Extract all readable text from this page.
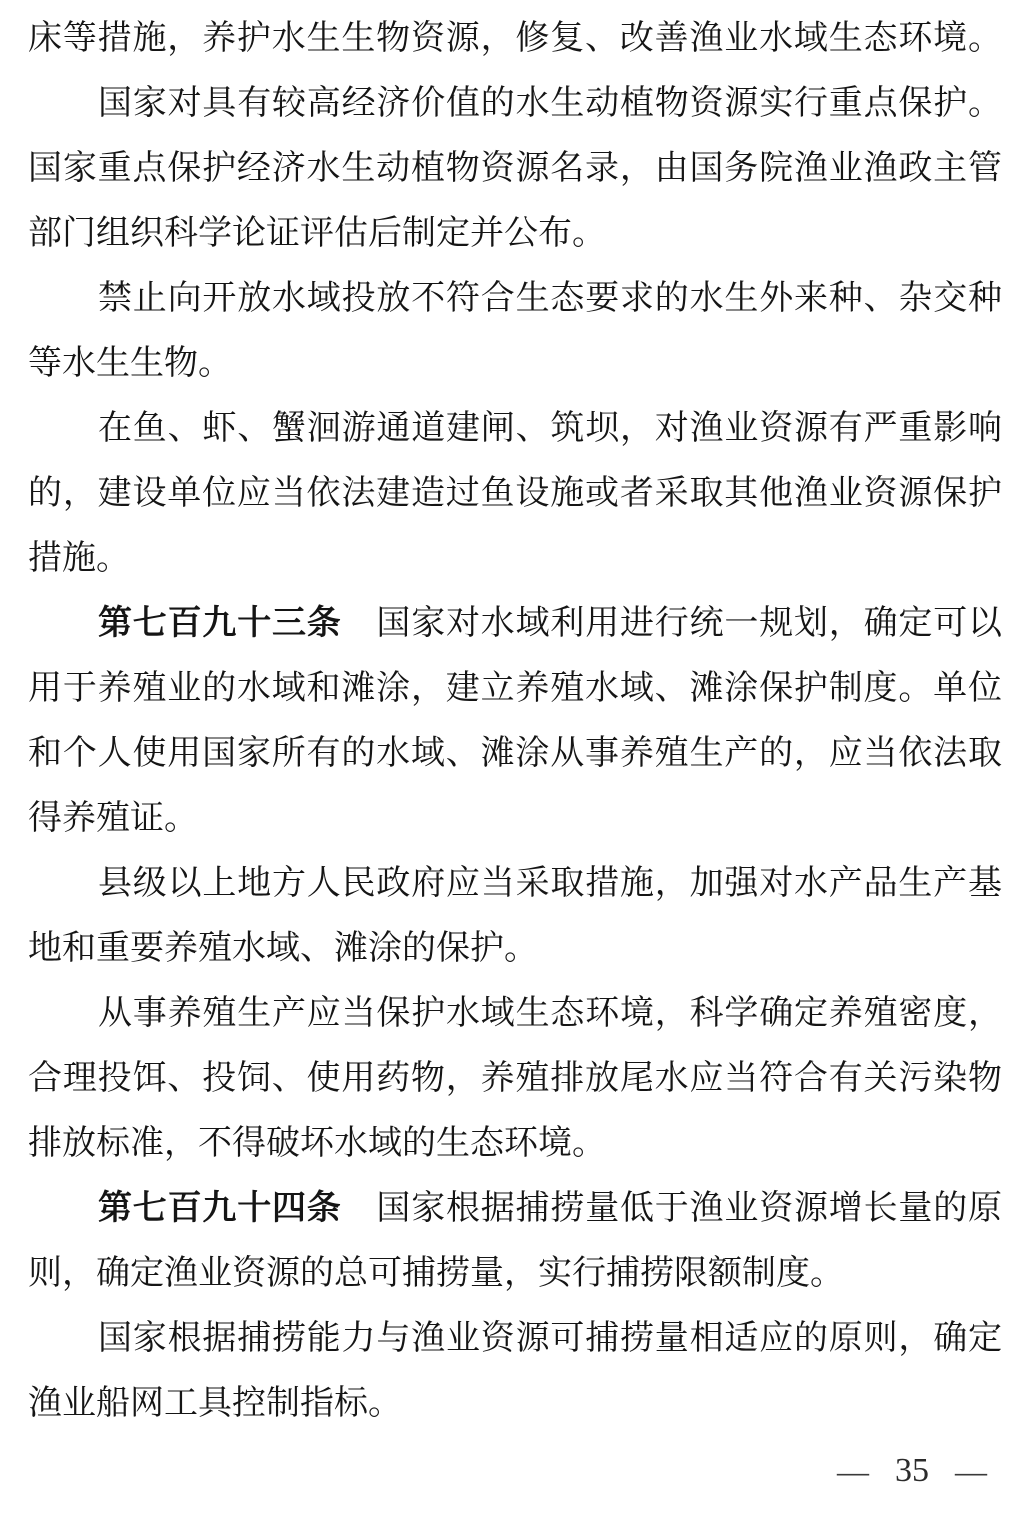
床等措施，养护水生生物资源，修复、改善渔业水域生态环境。
国家对具有较高经济价值的水生动植物资源实行重点保护。
国家重点保护经济水生动植物资源名录，由国务院渔业渔政主管
部门组织科学论证评估后制定并公布。
禁止向开放水域投放不符合生态要求的水生外来种、杂交种
等水生生物。
在鱼、虾、蟹洄游通道建闸、筑坝，对渔业资源有严重影响
的，建设单位应当依法建造过鱼设施或者采取其他渔业资源保护
措施。
第七百九十三条　国家对水域利用进行统一规划，确定可以
用于养殖业的水域和滩涂，建立养殖水域、滩涂保护制度。单位
和个人使用国家所有的水域、滩涂从事养殖生产的，应当依法取
得养殖证。
县级以上地方人民政府应当采取措施，加强对水产品生产基
地和重要养殖水域、滩涂的保护。
从事养殖生产应当保护水域生态环境，科学确定养殖密度，
合理投饵、投饲、使用药物，养殖排放尾水应当符合有关污染物
排放标准，不得破坏水域的生态环境。
第七百九十四条　国家根据捕捞量低于渔业资源增长量的原
则，确定渔业资源的总可捕捞量，实行捕捞限额制度。
国家根据捕捞能力与渔业资源可捕捞量相适应的原则，确定
渔业船网工具控制指标。
— 35 —
